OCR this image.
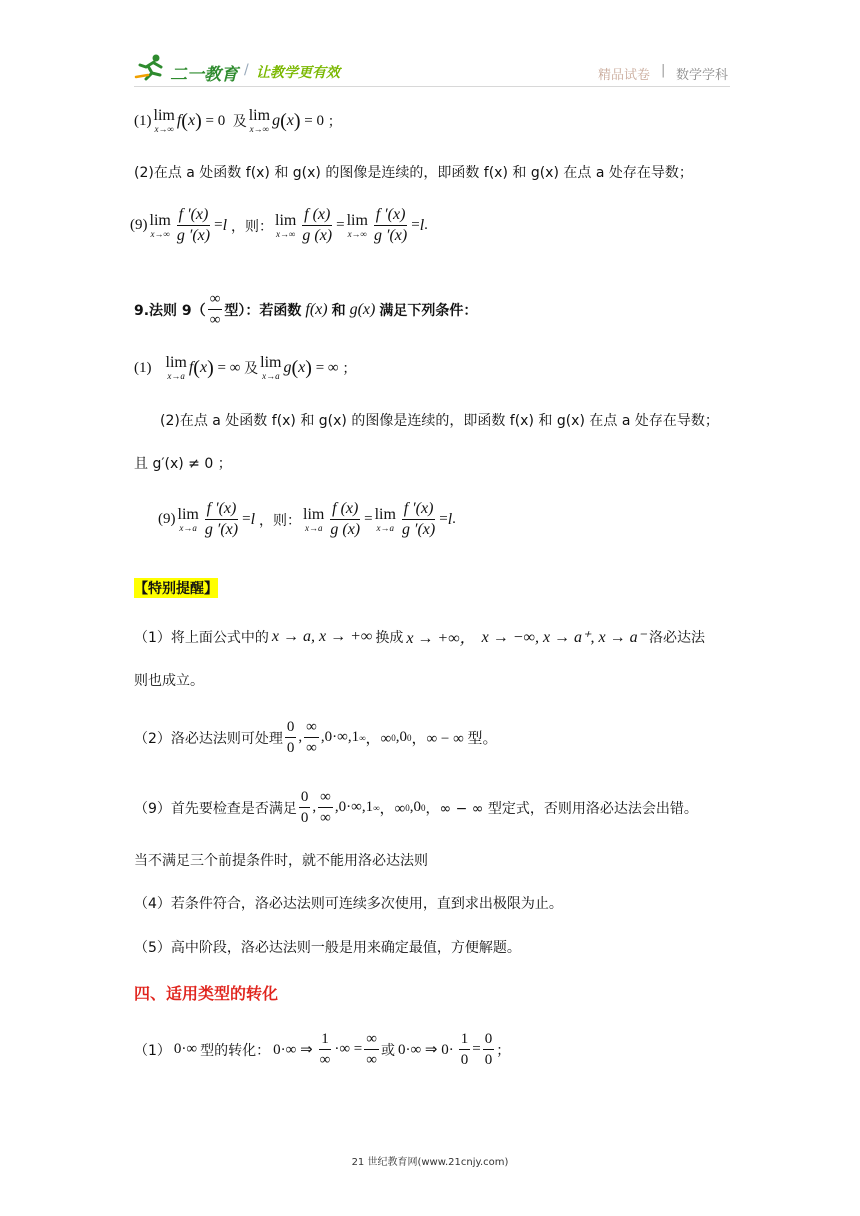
二一教育 / 让教学更有效	精品试卷 | 数学学科
(1) lim
x→∞ f ( x ) = 0 及 lim
x→∞ g ( x ) = 0 ；
(2)在点 a 处函数 f(x) 和 g(x) 的图像是连续的，即函数 f(x) 和 g(x) 在点 a 处存在导数；
(9) lim
$x\to\infty \frac{f '(x)}{g '(x)} = l$ ，则： lim
$x\to\infty \frac{f (x)}{g (x)} = \lim$
$x\to\infty \frac{f '(x)}{g '(x)} = l$ .
9.法则 $9( \frac{\infty}{\infty}$ 型）：若函数 f(x) 和 g(x) 满足下列条件：
(1) lim
x→a f ( x ) = ∞ 及 lim
x→a g ( x ) = ∞ ；
(2)在点 a 处函数 f(x) 和 g(x) 的图像是连续的，即函数 f(x) 和 g(x) 在点 a 处存在导数；
且 g′(x) ≠ 0 ；
(9) lim
$x\to a \frac{f '(x)}{g '(x)} = l$ ，则： lim
$x\to a \frac{f (x)}{g (x)} = \lim$
$x\to a \frac{f '(x)}{g '(x)} = l$ .
【特别提醒】
（1）将上面公式中的 x → a, x → +∞ 换成 x → +∞， x → −∞, x → a⁺, x → a⁻ 洛必达法
则也成立。
（2）洛必达法则可处理 $\frac{0}{0}$ , $\frac{\infty}{\infty} ,0\cdot\infty,1$ ∞ ，∞ 0 ,0 0 ，∞ − ∞ 型。
（9）首先要检查是否满足 $\frac{0}{0}$ , $\frac{\infty}{\infty} ,0\cdot\infty,1$ ∞ ，∞ 0 ,0 0 ，∞ − ∞ 型定式，否则用洛必达法会出错。
当不满足三个前提条件时，就不能用洛必达法则
（4）若条件符合，洛必达法则可连续多次使用，直到求出极限为止。
（5）高中阶段，洛必达法则一般是用来确定最值，方便解题。
四、适用类型的转化
（1） 0·∞ 型的转化： 0·∞ ⇒ $\frac{1}{\infty}$ ·∞ = $\frac{\infty}{\infty}$ 或 0·∞ ⇒ $0\cdot \frac{1}{0} = \frac{0}{0}$ ；
21 世纪教育网(www.21cnjy.com)
